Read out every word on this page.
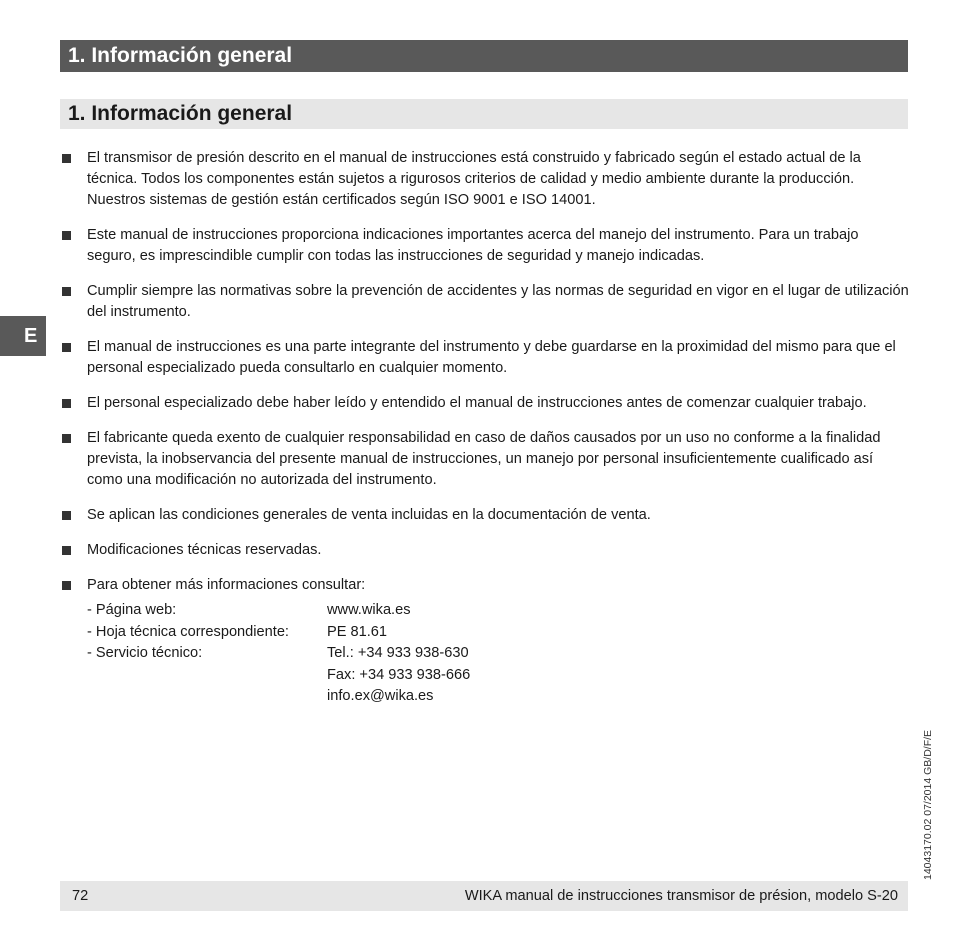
1. Información general
1. Información general
E
El transmisor de presión descrito en el manual de instrucciones está construido y fabricado según el estado actual de la técnica. Todos los componentes están sujetos a rigurosos criterios de calidad y medio ambiente durante la producción. Nuestros sistemas de gestión están certificados según ISO 9001 e ISO 14001.
Este manual de instrucciones proporciona indicaciones importantes acerca del manejo del instrumento. Para un trabajo seguro, es imprescindible cumplir con todas las instrucciones de seguridad y manejo indicadas.
Cumplir siempre las normativas sobre la prevención de accidentes y las normas de seguridad en vigor en el lugar de utilización del instrumento.
El manual de instrucciones es una parte integrante del instrumento y debe guardarse en la proximidad del mismo para que el personal especializado pueda consultarlo en cualquier momento.
El personal especializado debe haber leído y entendido el manual de instrucciones antes de comenzar cualquier trabajo.
El fabricante queda exento de cualquier responsabilidad en caso de daños causados por un uso no conforme a la finalidad prevista, la inobservancia del presente manual de instrucciones, un manejo por personal insuficientemente cualificado así como una modificación no autorizada del instrumento.
Se aplican las condiciones generales de venta incluidas en la documentación de venta.
Modificaciones técnicas reservadas.
Para obtener más informaciones consultar:
- Página web:	www.wika.es
- Hoja técnica correspondiente:	PE 81.61
- Servicio técnico:	Tel.: +34 933 938-630
	Fax: +34 933 938-666
	info.ex@wika.es
14043170.02 07/2014 GB/D/F/E
72	WIKA manual de instrucciones transmisor de présion, modelo S-20
